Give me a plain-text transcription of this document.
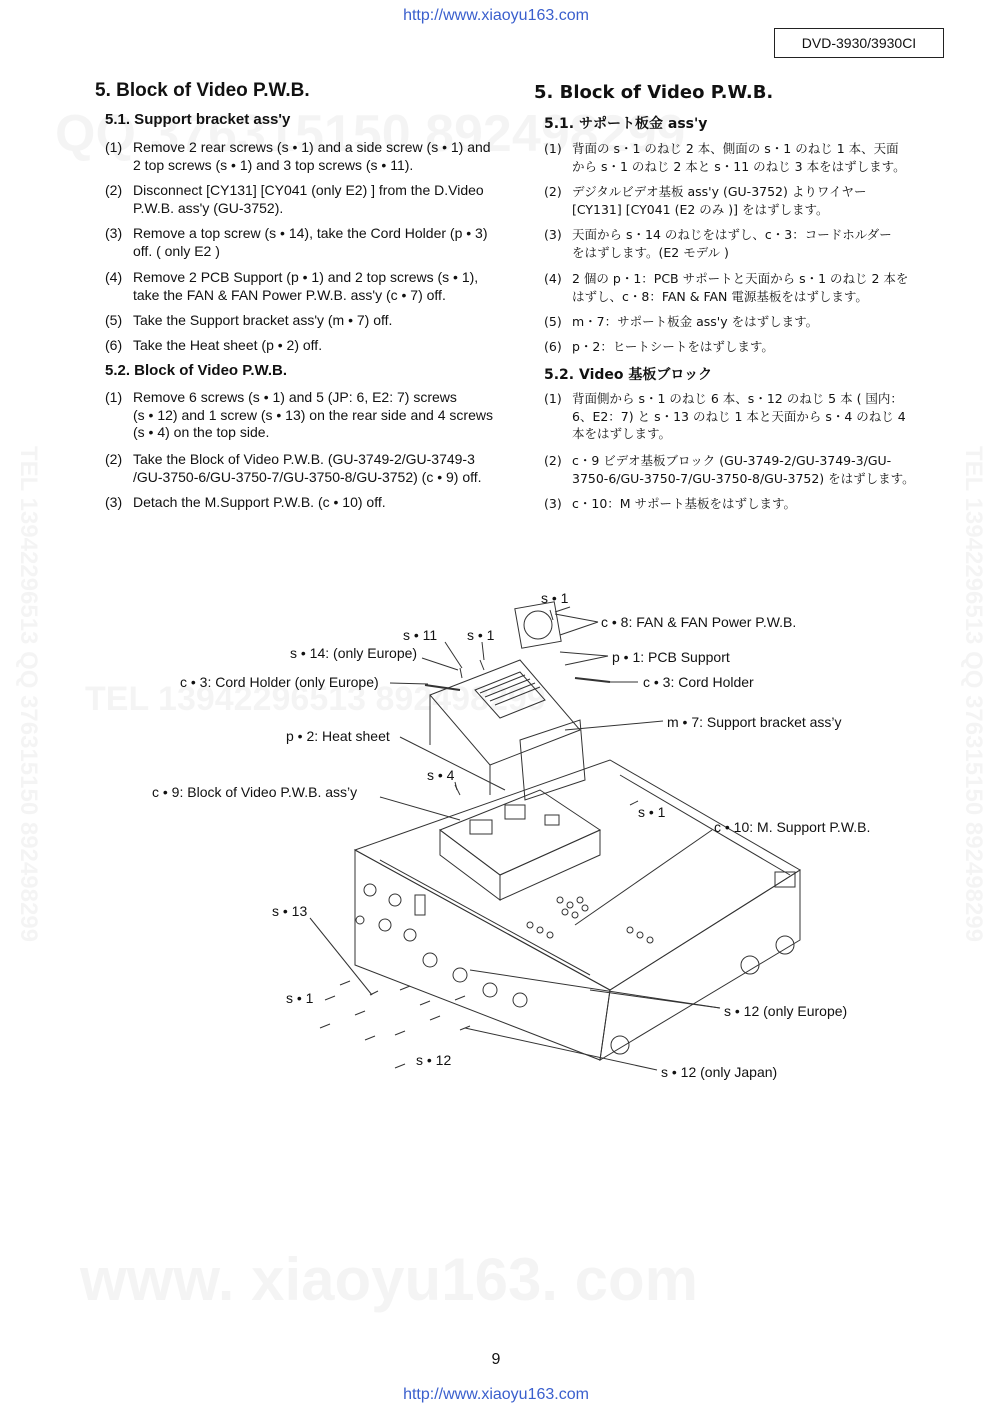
http://www.xiaoyu163.com
DVD-3930/3930CI
5. Block of Video P.W.B.
5.1. Support bracket ass'y
(1) Remove 2 rear screws (s • 1) and a side screw (s • 1) and
2 top screws (s • 1) and 3 top screws (s • 11).
(2) Disconnect [CY131] [CY041 (only E2) ] from the D.Video
P.W.B. ass'y (GU-3752).
(3) Remove a top screw (s • 14), take the Cord Holder (p • 3)
off. ( only E2 )
(4) Remove 2 PCB Support (p • 1) and 2 top screws (s • 1),
take the FAN & FAN Power P.W.B. ass'y (c • 7) off.
(5) Take the Support bracket ass'y (m • 7) off.
(6) Take the Heat sheet (p • 2) off.
5.2. Block of Video P.W.B.
(1) Remove 6 screws (s • 1) and 5 (JP: 6, E2: 7) screws
(s • 12) and 1 screw (s • 13) on the rear side and 4 screws
(s • 4) on the top side.
(2) Take the Block of Video P.W.B. (GU-3749-2/GU-3749-3
/GU-3750-6/GU-3750-7/GU-3750-8/GU-3752) (c • 9) off.
(3) Detach the M.Support P.W.B. (c • 10) off.
5. Block of Video P.W.B.
5.1. サポート板金 ass'y
(1) 背面の s・1 のねじ 2 本、側面の s・1 のねじ 1 本、天面
から s・1 のねじ 2 本と s・11 のねじ 3 本をはずします。
(2) デジタルビデオ基板 ass'y (GU-3752) よりワイヤー
[CY131] [CY041 (E2 のみ )] をはずします。
(3) 天面から s・14 のねじをはずし、c・3：コードホルダー
をはずします。(E2 モデル )
(4) 2 個の p・1：PCB サポートと天面から s・1 のねじ 2 本を
はずし、c・8：FAN & FAN 電源基板をはずします。
(5) m・7：サポート板金 ass'y をはずします。
(6) p・2：ヒートシートをはずします。
5.2. Video 基板ブロック
(1) 背面側から s・1 のねじ 6 本、s・12 のねじ 5 本 ( 国内：
6、E2：7) と s・13 のねじ 1 本と天面から s・4 のねじ 4
本をはずします。
(2) c・9 ビデオ基板ブロック (GU-3749-2/GU-3749-3/GU-
3750-6/GU-3750-7/GU-3750-8/GU-3752) をはずします。
(3) c・10：M サポート基板をはずします。
s • 1
c • 8: FAN & FAN Power P.W.B.
s • 11 s • 1
s • 14: (only Europe)	p • 1: PCB Support
c • 3: Cord Holder (only Europe)	c • 3: Cord Holder
m • 7: Support bracket ass’y
p • 2: Heat sheet
s • 4
c • 9: Block of Video P.W.B. ass’y
s • 1
c • 10: M. Support P.W.B.
s • 13
s • 1
s • 12 (only Europe)
s • 12
s • 12 (only Japan)
9
http://www.xiaoyu163.com
